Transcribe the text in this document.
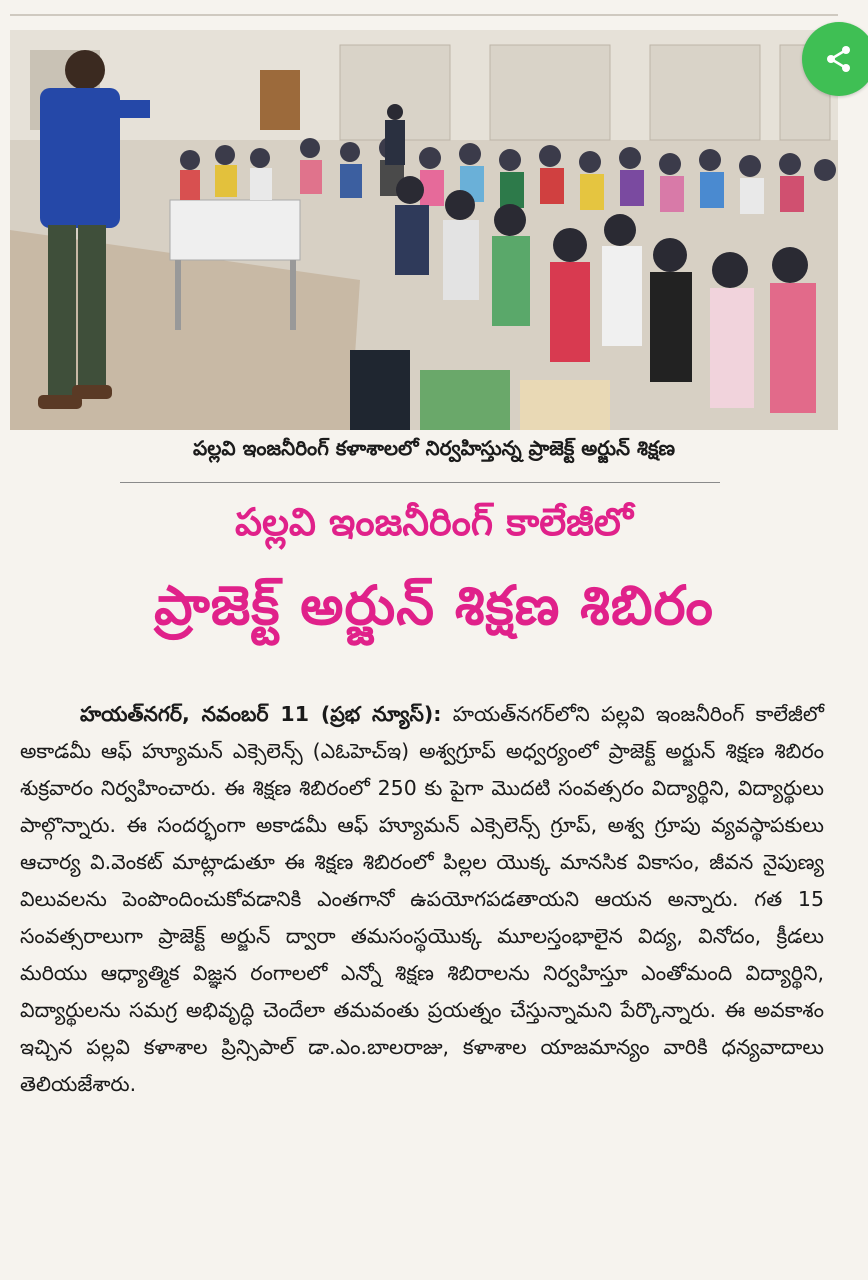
పల్లవి ఇంజనీరింగ్ కళాశాలలో నిర్వహిస్తున్న ప్రాజెక్ట్ అర్జున్ శిక్షణ
పల్లవి ఇంజనీరింగ్ కాలేజీలో
ప్రాజెక్ట్ అర్జున్ శిక్షణ శిబిరం

హయత్‌నగర్, నవంబర్ 11 (ప్రభ న్యూస్): హయత్‌నగర్‌లోని పల్లవి ఇంజనీరింగ్ కాలేజీలో అకాడమీ ఆఫ్ హ్యూమన్ ఎక్సెలెన్స్ (ఎఓహెచ్ఇ) అశ్వగ్రూప్ అధ్వర్యంలో ప్రాజెక్ట్ అర్జున్ శిక్షణ శిబిరం శుక్రవారం నిర్వహించారు. ఈ శిక్షణ శిబిరంలో 250 కు పైగా మొదటి సంవత్సరం విద్యార్థిని, విద్యార్థులు పాల్గొన్నారు. ఈ సందర్భంగా అకాడమీ ఆఫ్ హ్యూమన్ ఎక్సెలెన్స్ గ్రూప్, అశ్వ గ్రూపు వ్యవస్థాపకులు ఆచార్య వి.వెంకట్ మాట్లాడుతూ ఈ శిక్షణ శిబిరంలో పిల్లల యొక్క మానసిక వికాసం, జీవన నైపుణ్య విలువలను పెంపొందించుకోవడానికి ఎంతగానో ఉపయోగపడతాయని ఆయన అన్నారు. గత 15 సంవత్సరాలుగా ప్రాజెక్ట్ అర్జున్ ద్వారా తమసంస్థయొక్క మూలస్తంభాలైన విద్య, వినోదం, క్రీడలు మరియు ఆధ్యాత్మిక విజ్ఞన రంగాలలో ఎన్నో శిక్షణ శిబిరాలను నిర్వహిస్తూ ఎంతోమంది విద్యార్థిని, విద్యార్థులను సమగ్ర అభివృద్ధి చెందేలా తమవంతు ప్రయత్నం చేస్తున్నామని పేర్కొన్నారు. ఈ అవకాశం ఇచ్చిన పల్లవి కళాశాల ప్రిన్సిపాల్ డా.ఎం.బాలరాజు, కళాశాల యాజమాన్యం వారికి ధన్యవాదాలు తెలియజేశారు.
